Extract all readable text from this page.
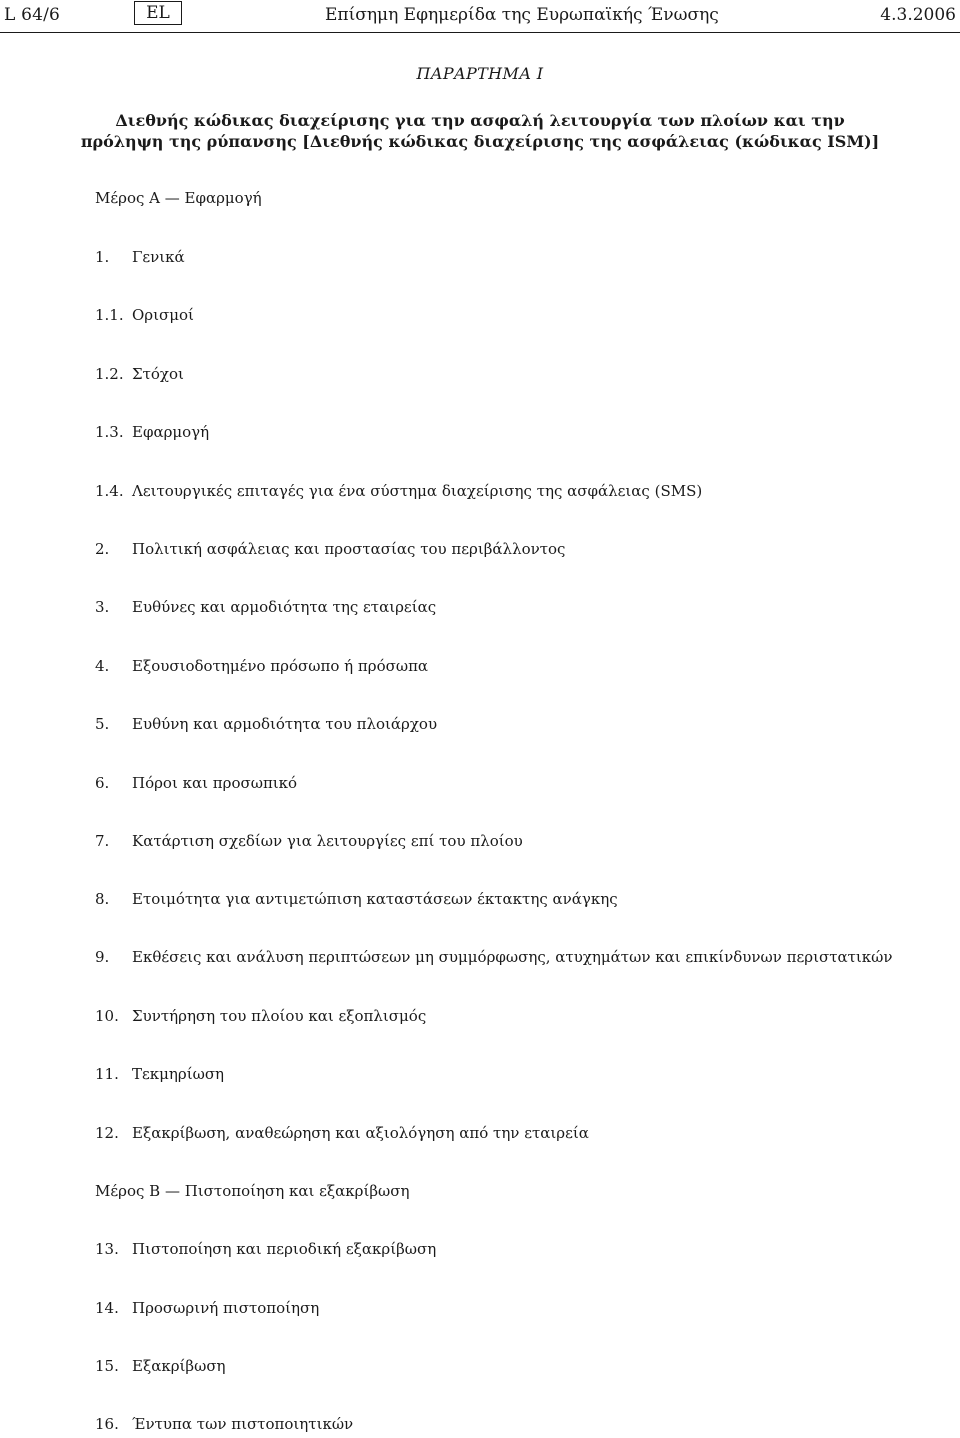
L 64/6	EL	Επίσημη Εφημερίδα της Ευρωπαϊκής Ένωσης	4.3.2006
ΠΑΡΑΡΤΗΜΑ I
Διεθνής κώδικας διαχείρισης για την ασφαλή λειτουργία των πλοίων και την πρόληψη της ρύπανσης [Διεθνής κώδικας διαχείρισης της ασφάλειας (κώδικας ISM)]
Μέρος Α — Εφαρμογή
1. Γενικά
1.1. Ορισμοί
1.2. Στόχοι
1.3. Εφαρμογή
1.4. Λειτουργικές επιταγές για ένα σύστημα διαχείρισης της ασφάλειας (SMS)
2. Πολιτική ασφάλειας και προστασίας του περιβάλλοντος
3. Ευθύνες και αρμοδιότητα της εταιρείας
4. Εξουσιοδοτημένο πρόσωπο ή πρόσωπα
5. Ευθύνη και αρμοδιότητα του πλοιάρχου
6. Πόροι και προσωπικό
7. Κατάρτιση σχεδίων για λειτουργίες επί του πλοίου
8. Ετοιμότητα για αντιμετώπιση καταστάσεων έκτακτης ανάγκης
9. Εκθέσεις και ανάλυση περιπτώσεων μη συμμόρφωσης, ατυχημάτων και επικίνδυνων περιστατικών
10. Συντήρηση του πλοίου και εξοπλισμός
11. Τεκμηρίωση
12. Εξακρίβωση, αναθεώρηση και αξιολόγηση από την εταιρεία
Μέρος Β — Πιστοποίηση και εξακρίβωση
13. Πιστοποίηση και περιοδική εξακρίβωση
14. Προσωρινή πιστοποίηση
15. Εξακρίβωση
16. Έντυπα των πιστοποιητικών
